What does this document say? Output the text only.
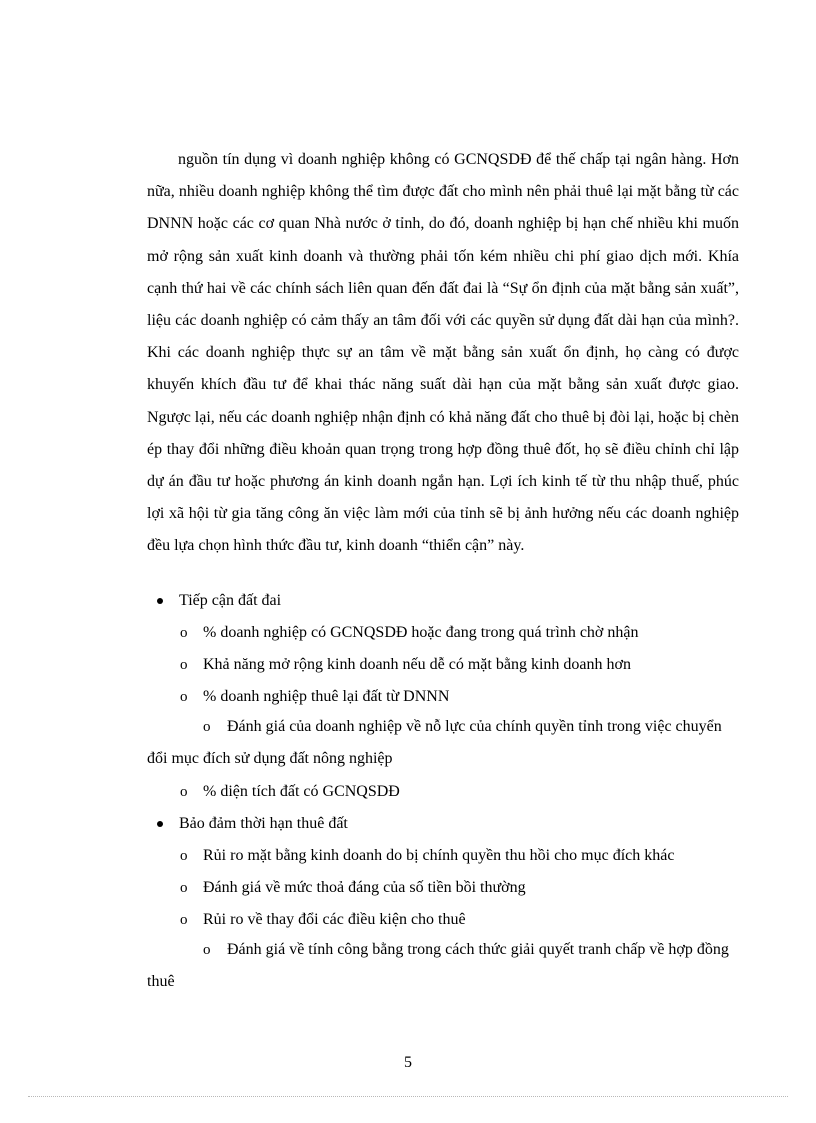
nguồn tín dụng vì doanh nghiệp không có GCNQSDĐ để thế chấp tại ngân hàng. Hơn nữa, nhiều doanh nghiệp không thể tìm được đất cho mình nên phải thuê lại mặt bằng từ các DNNN hoặc các cơ quan Nhà nước ở tỉnh, do đó, doanh nghiệp bị hạn chế nhiều khi muốn mở rộng sản xuất kinh doanh và thường phải tốn kém nhiều chi phí giao dịch mới. Khía cạnh thứ hai về các chính sách liên quan đến đất đai là “Sự ổn định của mặt bằng sản xuất”, liệu các doanh nghiệp có cảm thấy an tâm đối với các quyền sử dụng đất dài hạn của mình?. Khi các doanh nghiệp thực sự an tâm về mặt bằng sản xuất ổn định, họ càng có được khuyến khích đầu tư để khai thác năng suất dài hạn của mặt bằng sản xuất được giao. Ngược lại, nếu các doanh nghiệp nhận định có khả năng đất cho thuê bị đòi lại, hoặc bị chèn ép thay đổi những điều khoản quan trọng trong hợp đồng thuê đốt, họ sẽ điều chỉnh chỉ lập dự án đầu tư hoặc phương án kinh doanh ngắn hạn. Lợi ích kinh tế từ thu nhập thuế, phúc lợi xã hội từ gia tăng công ăn việc làm mới của tỉnh sẽ bị ảnh hưởng nếu các doanh nghiệp đều lựa chọn hình thức đầu tư, kinh doanh “thiển cận” này.
Tiếp cận đất đai
o % doanh nghiệp có GCNQSDĐ hoặc đang trong quá trình chờ nhận
o Khả năng mở rộng kinh doanh nếu dễ có mặt bằng kinh doanh hơn
o % doanh nghiệp thuê lại đất từ DNNN
o Đánh giá của doanh nghiệp về nỗ lực của chính quyền tỉnh trong việc chuyển đổi mục đích sử dụng đất nông nghiệp
o % diện tích đất có GCNQSDĐ
Bảo đảm thời hạn thuê đất
o Rủi ro mặt bằng kinh doanh do bị chính quyền thu hồi cho mục đích khác
o Đánh giá về mức thoả đáng của số tiền bồi thường
o Rủi ro về thay đổi các điều kiện cho thuê
o Đánh giá về tính công bằng trong cách thức giải quyết tranh chấp về hợp đồng thuê
5
